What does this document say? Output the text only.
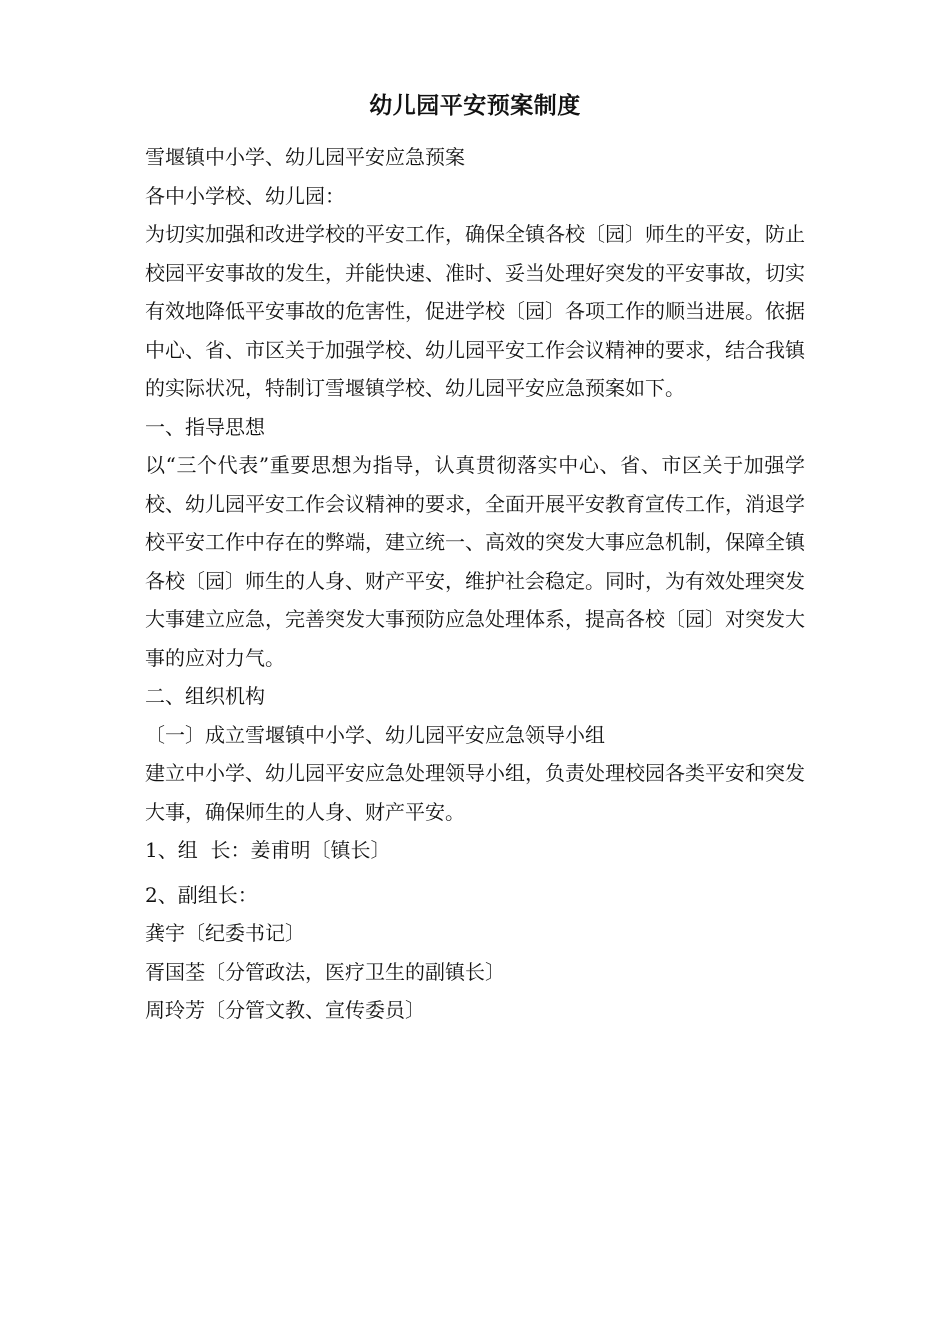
幼儿园平安预案制度

雪堰镇中小学、幼儿园平安应急预案

各中小学校、幼儿园：

为切实加强和改进学校的平安工作，确保全镇各校〔园〕师生的平安，防止校园平安事故的发生，并能快速、准时、妥当处理好突发的平安事故，切实有效地降低平安事故的危害性，促进学校〔园〕各项工作的顺当进展。依据中心、省、市区关于加强学校、幼儿园平安工作会议精神的要求，结合我镇的实际状况，特制订雪堰镇学校、幼儿园平安应急预案如下。

一、指导思想

以“三个代表”重要思想为指导，认真贯彻落实中心、省、市区关于加强学校、幼儿园平安工作会议精神的要求，全面开展平安教育宣传工作，消退学校平安工作中存在的弊端，建立统一、高效的突发大事应急机制，保障全镇各校〔园〕师生的人身、财产平安，维护社会稳定。同时，为有效处理突发大事建立应急，完善突发大事预防应急处理体系，提高各校〔园〕对突发大事的应对力气。

二、组织机构

〔一〕成立雪堰镇中小学、幼儿园平安应急领导小组

建立中小学、幼儿园平安应急处理领导小组，负责处理校园各类平安和突发大事，确保师生的人身、财产平安。

1、组  长：姜甫明〔镇长〕

2、副组长：

龚宇〔纪委书记〕

胥国荃〔分管政法，医疗卫生的副镇长〕

周玲芳〔分管文教、宣传委员〕
